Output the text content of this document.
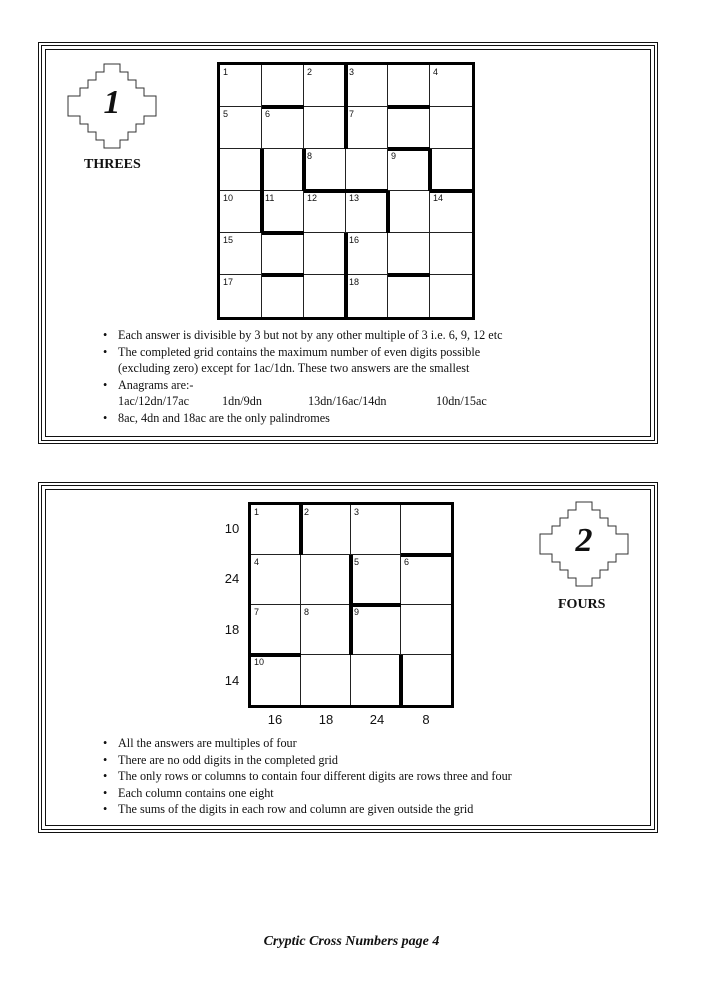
1
THREES
1	2	3	4
5	6	7
8	9
10	11	12	13	14
15	16
17	18
• Each answer is divisible by 3 but not by any other multiple of 3 i.e. 6, 9, 12 etc
• The completed grid contains the maximum number of even digits possible
(excluding zero) except for 1ac/1dn. These two answers are the smallest
• Anagrams are:-
1ac/12dn/17ac	1dn/9dn	13dn/16ac/14dn	10dn/15ac
• 8ac, 4dn and 18ac are the only palindromes
2
FOURS
1	2	3
4	5	6
7	8	9
10
10
24
18
14
16	18	24	8
• All the answers are multiples of four
• There are no odd digits in the completed grid
• The only rows or columns to contain four different digits are rows three and four
• Each column contains one eight
• The sums of the digits in each row and column are given outside the grid
Cryptic Cross Numbers page 4
